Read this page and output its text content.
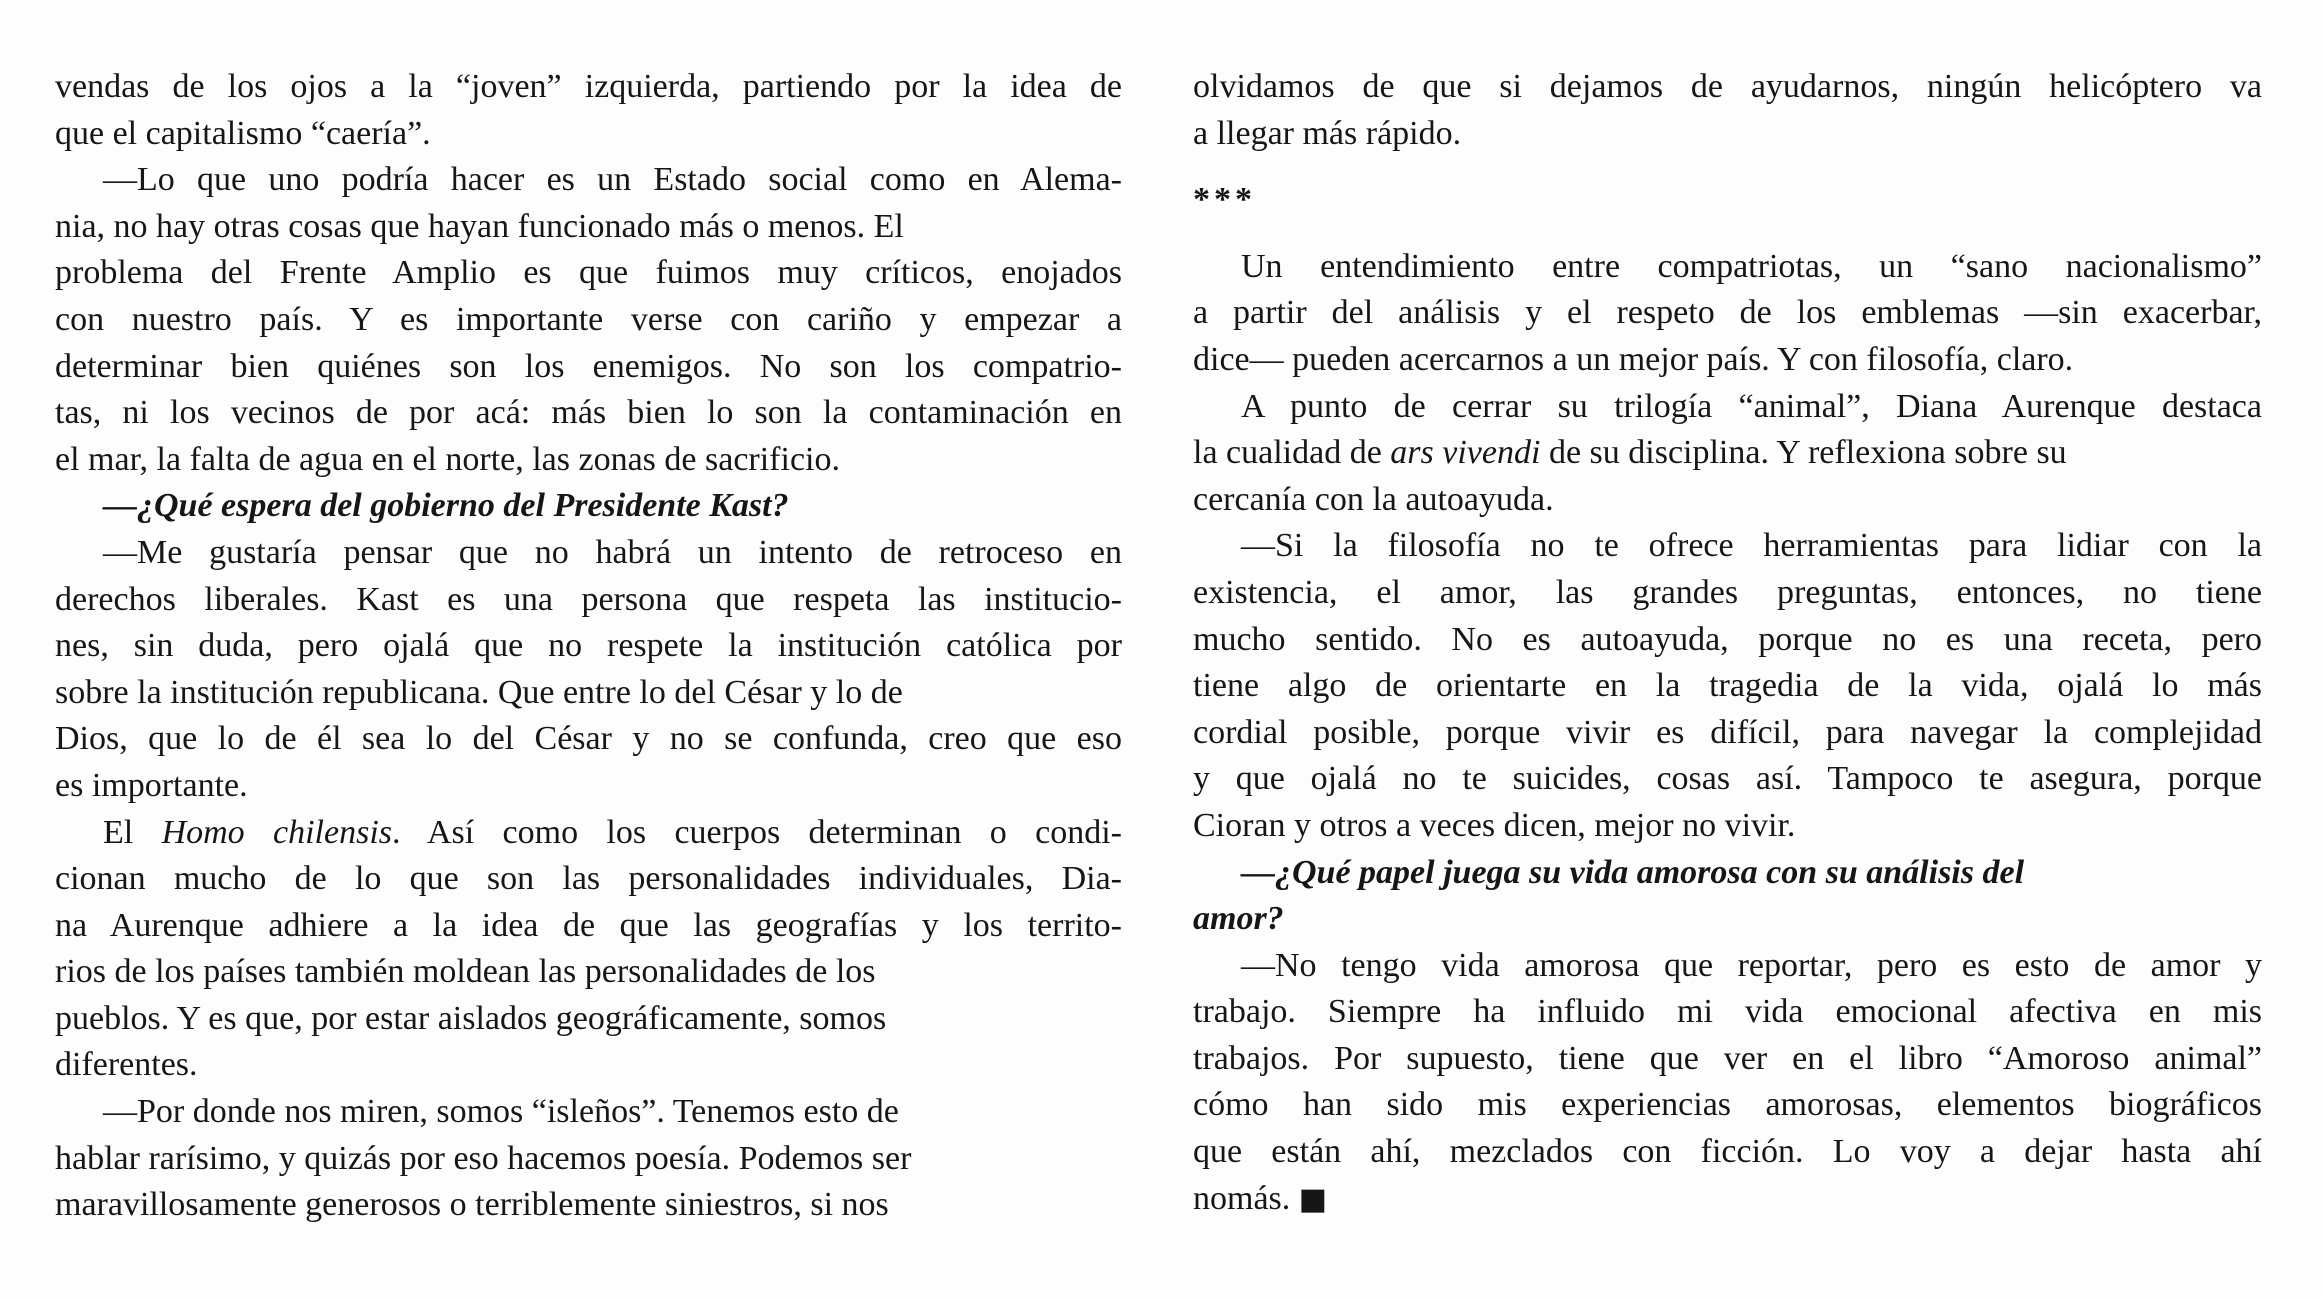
vendas de los ojos a la “joven” izquierda, partiendo por la idea de
que el capitalismo “caería”.
—Lo que uno podría hacer es un Estado social como en Alema-
nia, no hay otras cosas que hayan funcionado más o menos. El
problema del Frente Amplio es que fuimos muy críticos, enojados
con nuestro país. Y es importante verse con cariño y empezar a
determinar bien quiénes son los enemigos. No son los compatrio-
tas, ni los vecinos de por acá: más bien lo son la contaminación en
el mar, la falta de agua en el norte, las zonas de sacrificio.
—¿Qué espera del gobierno del Presidente Kast?
—Me gustaría pensar que no habrá un intento de retroceso en
derechos liberales. Kast es una persona que respeta las institucio-
nes, sin duda, pero ojalá que no respete la institución católica por
sobre la institución republicana. Que entre lo del César y lo de
Dios, que lo de él sea lo del César y no se confunda, creo que eso
es importante.
El Homo chilensis. Así como los cuerpos determinan o condi-
cionan mucho de lo que son las personalidades individuales, Dia-
na Aurenque adhiere a la idea de que las geografías y los territo-
rios de los países también moldean las personalidades de los
pueblos. Y es que, por estar aislados geográficamente, somos
diferentes.
—Por donde nos miren, somos “isleños”. Tenemos esto de
hablar rarísimo, y quizás por eso hacemos poesía. Podemos ser
maravillosamente generosos o terriblemente siniestros, si nos
olvidamos de que si dejamos de ayudarnos, ningún helicóptero va
a llegar más rápido.
***
Un entendimiento entre compatriotas, un “sano nacionalismo”
a partir del análisis y el respeto de los emblemas —sin exacerbar,
dice— pueden acercarnos a un mejor país. Y con filosofía, claro.
A punto de cerrar su trilogía “animal”, Diana Aurenque destaca
la cualidad de ars vivendi de su disciplina. Y reflexiona sobre su
cercanía con la autoayuda.
—Si la filosofía no te ofrece herramientas para lidiar con la
existencia, el amor, las grandes preguntas, entonces, no tiene
mucho sentido. No es autoayuda, porque no es una receta, pero
tiene algo de orientarte en la tragedia de la vida, ojalá lo más
cordial posible, porque vivir es difícil, para navegar la complejidad
y que ojalá no te suicides, cosas así. Tampoco te asegura, porque
Cioran y otros a veces dicen, mejor no vivir.
—¿Qué papel juega su vida amorosa con su análisis del
amor?
—No tengo vida amorosa que reportar, pero es esto de amor y
trabajo. Siempre ha influido mi vida emocional afectiva en mis
trabajos. Por supuesto, tiene que ver en el libro “Amoroso animal”
cómo han sido mis experiencias amorosas, elementos biográficos
que están ahí, mezclados con ficción. Lo voy a dejar hasta ahí
nomás. ■
